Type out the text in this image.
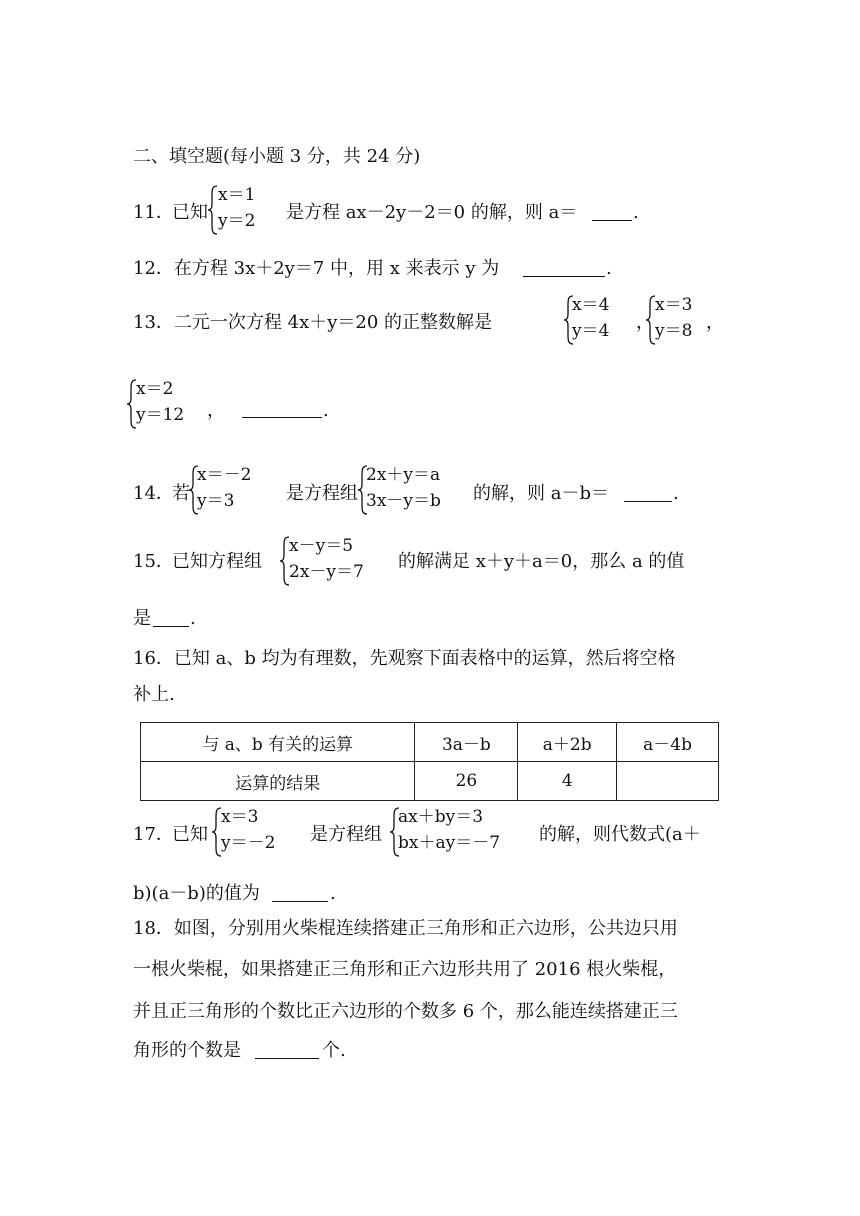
二、填空题(每小题 3 分，共 24 分)
11．
已知
x＝1
y＝2 是方程 ax－2y－2＝0 的解，则 a＝	.
12．在方程 3x＋2y＝7 中，用 x 来表示 y 为	.
13．二元一次方程 4x＋y＝20 的正整数解是
x＝4
y＝4 ，
x＝3
y＝8 ，
x＝2
y＝12 ，	.
14．
若
x＝－2
y＝3	是方程组
2x＋y＝a
3x－y＝b 的解，则 a－b＝	.
15．
已知方程组
x－y＝5
2x－y＝7 的解满足 x＋y＋a＝0，那么 a 的值
是 .
16．已知 a、b 均为有理数，先观察下面表格中的运算，然后将空格
补上.
与 a、b 有关的运算	3a－b	a＋2b	a－4b
运算的结果	26	4	
17．
已知
x＝3
y＝－2 是方程组
ax＋by＝3
bx＋ay＝－7 的解，则代数式(a＋
b)(a－b)的值为	.
18．如图，分别用火柴棍连续搭建正三角形和正六边形，公共边只用
一根火柴棍，如果搭建正三角形和正六边形共用了 2016 根火柴棍，
并且正三角形的个数比正六边形的个数多 6 个，那么能连续搭建正三
角形的个数是	个.
